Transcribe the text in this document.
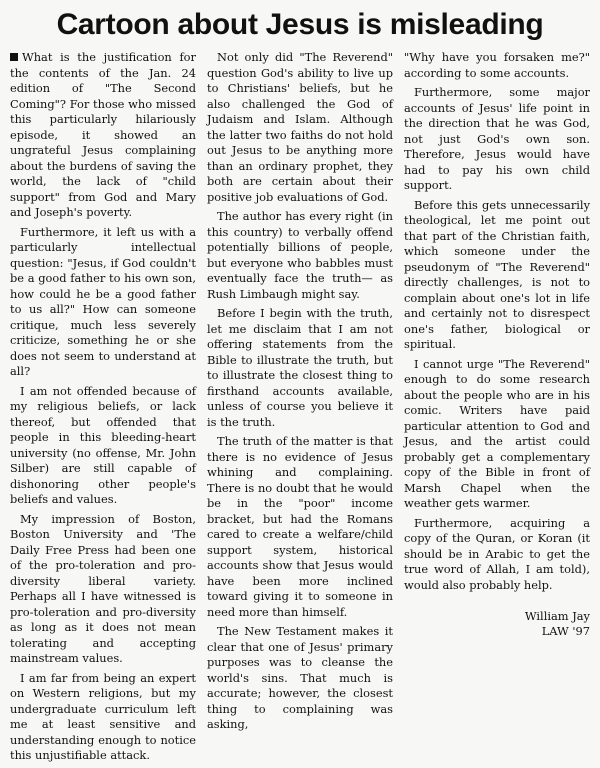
Cartoon about Jesus is misleading

What is the justification for the contents of the Jan. 24 edition of "The Second Coming"? For those who missed this particularly hilariously episode, it showed an ungrateful Jesus complaining about the burdens of saving the world, the lack of "child support" from God and Mary and Joseph's poverty.

Furthermore, it left us with a particularly intellectual question: "Jesus, if God couldn't be a good father to his own son, how could he be a good father to us all?" How can someone critique, much less severely criticize, something he or she does not seem to understand at all?

I am not offended because of my religious beliefs, or lack thereof, but offended that people in this bleeding-heart university (no offense, Mr. John Silber) are still capable of dishonoring other people's beliefs and values.

My impression of Boston, Boston University and 'The Daily Free Press had been one of the pro-toleration and pro-diversity liberal variety. Perhaps all I have witnessed is pro-toleration and pro-diversity as long as it does not mean tolerating and accepting mainstream values.

I am far from being an expert on Western religions, but my undergraduate curriculum left me at least sensitive and understanding enough to notice this unjustifiable attack.

Not only did "The Reverend" question God's ability to live up to Christians' beliefs, but he also challenged the God of Judaism and Islam. Although the latter two faiths do not hold out Jesus to be anything more than an ordinary prophet, they both are certain about their positive job evaluations of God.

The author has every right (in this country) to verbally offend potentially billions of people, but everyone who babbles must eventually face the truth— as Rush Limbaugh might say.

Before I begin with the truth, let me disclaim that I am not offering statements from the Bible to illustrate the truth, but to illustrate the closest thing to firsthand accounts available, unless of course you believe it is the truth.

The truth of the matter is that there is no evidence of Jesus whining and complaining. There is no doubt that he would be in the "poor" income bracket, but had the Romans cared to create a welfare/child support system, historical accounts show that Jesus would have been more inclined toward giving it to someone in need more than himself.

The New Testament makes it clear that one of Jesus' primary purposes was to cleanse the world's sins. That much is accurate; however, the closest thing to complaining was asking,

"Why have you forsaken me?" according to some accounts.

Furthermore, some major accounts of Jesus' life point in the direction that he was God, not just God's own son. Therefore, Jesus would have had to pay his own child support.

Before this gets unnecessarily theological, let me point out that part of the Christian faith, which someone under the pseudonym of "The Reverend" directly challenges, is not to complain about one's lot in life and certainly not to disrespect one's father, biological or spiritual.

I cannot urge "The Reverend" enough to do some research about the people who are in his comic. Writers have paid particular attention to God and Jesus, and the artist could probably get a complementary copy of the Bible in front of Marsh Chapel when the weather gets warmer.

Furthermore, acquiring a copy of the Quran, or Koran (it should be in Arabic to get the true word of Allah, I am told), would also probably help.

William Jay
LAW '97
